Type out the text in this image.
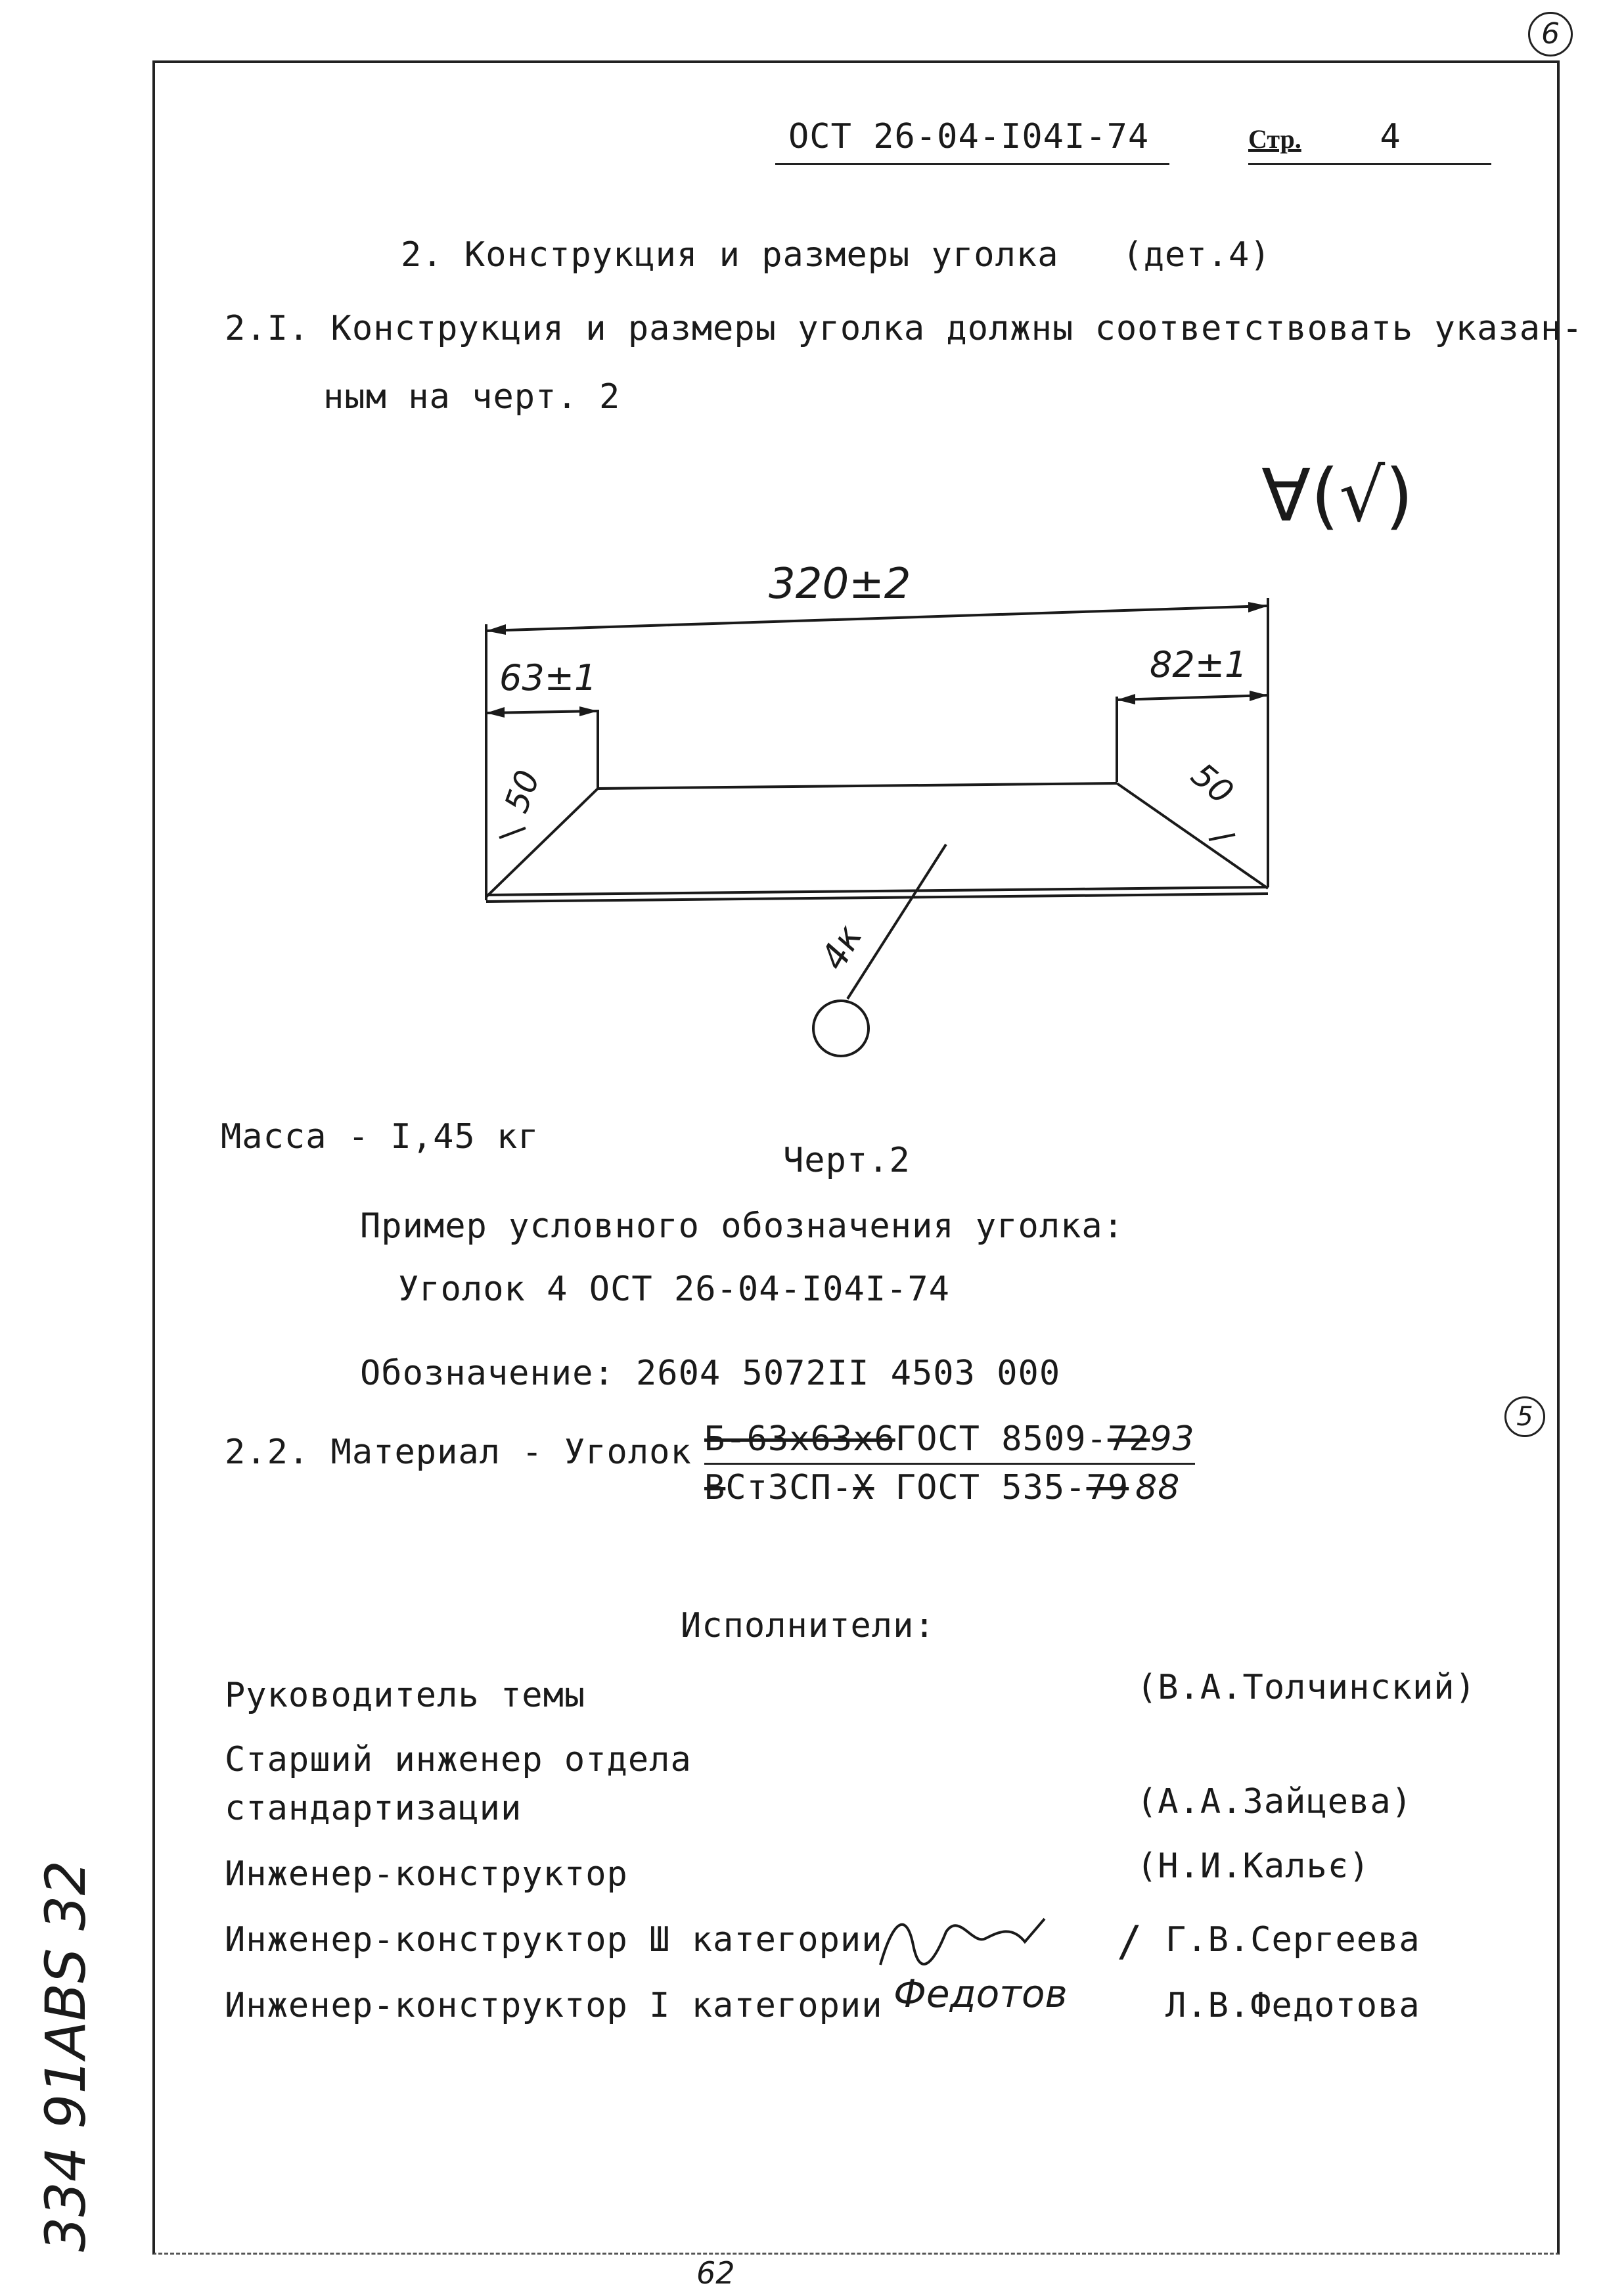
6
ОСТ 26-04-I04I-74	Стр. 4
2. Конструкция и размеры уголка   (дет.4)
2.I. Конструкция и размеры уголка должны соответствовать указан-
ным на черт. 2
∀(√)
320±2
63±1	82±1
50	50
4к
Масса - I,45 кг
Черт.2
Пример условного обозначения уголка:
Уголок 4 ОСТ 26-04-I04I-74
Обозначение: 2604 5072II 4503 000
5
2.2. Материал - Уголок Б-63х63х6ГОСТ 8509-7293
ВСт3СП-Х ГОСТ 535-79 88
Исполнители:
Руководитель темы	(В.А.Толчинский)
Старший инженер отдела
стандартизации	(А.А.Зайцева)
Инженер-конструктор	(Н.И.Кальє)
Инженер-конструктор Ш категории	/ Г.В.Сергеева
Инженер-конструктор I категории Федотов	Л.В.Федотова
334 91АВS 32
62
